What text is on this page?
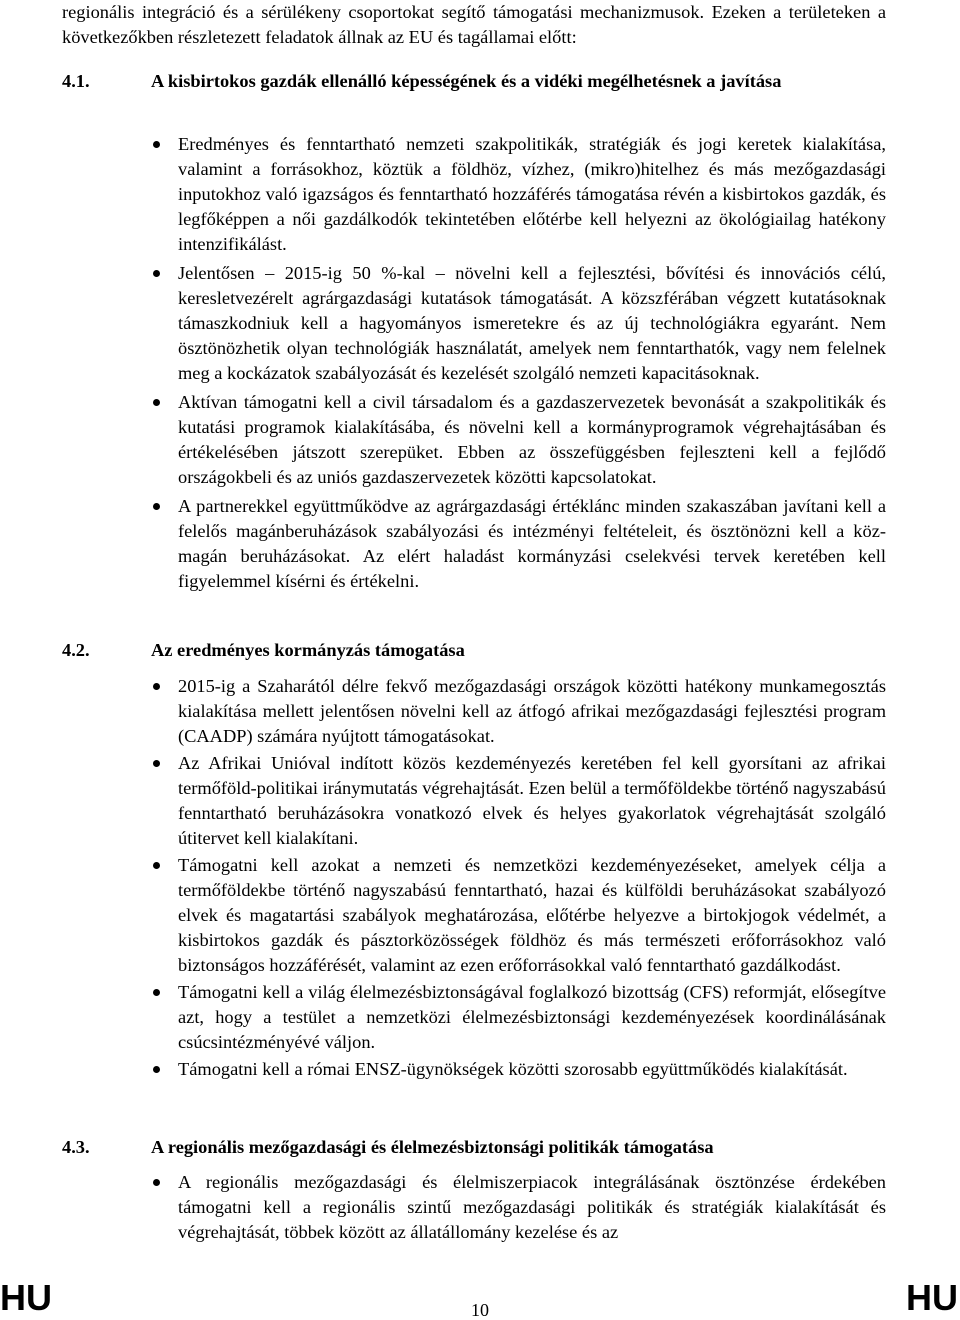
regionális integráció és a sérülékeny csoportokat segítő támogatási mechanizmusok. Ezeken a területeken a következőkben részletezett feladatok állnak az EU és tagállamai előtt:

4.1.	A kisbirtokos gazdák ellenálló képességének és a vidéki megélhetésnek a javítása
Eredményes és fenntartható nemzeti szakpolitikák, stratégiák és jogi keretek kialakítása, valamint a forrásokhoz, köztük a földhöz, vízhez, (mikro)hitelhez és más mezőgazdasági inputokhoz való igazságos és fenntartható hozzáférés támogatása révén a kisbirtokos gazdák, és legfőképpen a női gazdálkodók tekintetében előtérbe kell helyezni az ökológiailag hatékony intenzifikálást.
Jelentősen – 2015-ig 50 %-kal – növelni kell a fejlesztési, bővítési és innovációs célú, keresletvezérelt agrárgazdasági kutatások támogatását. A közszférában végzett kutatásoknak támaszkodniuk kell a hagyományos ismeretekre és az új technológiákra egyaránt. Nem ösztönözhetik olyan technológiák használatát, amelyek nem fenntarthatók, vagy nem felelnek meg a kockázatok szabályozását és kezelését szolgáló nemzeti kapacitásoknak.
Aktívan támogatni kell a civil társadalom és a gazdaszervezetek bevonását a szakpolitikák és kutatási programok kialakításába, és növelni kell a kormányprogramok végrehajtásában és értékelésében játszott szerepüket. Ebben az összefüggésben fejleszteni kell a fejlődő országokbeli és az uniós gazdaszervezetek közötti kapcsolatokat.
A partnerekkel együttműködve az agrárgazdasági értéklánc minden szakaszában javítani kell a felelős magánberuházások szabályozási és intézményi feltételeit, és ösztönözni kell a köz-magán beruházásokat. Az elért haladást kormányzási cselekvési tervek keretében kell figyelemmel kísérni és értékelni.
4.2.	Az eredményes kormányzás támogatása
2015-ig a Szaharától délre fekvő mezőgazdasági országok közötti hatékony munkamegosztás kialakítása mellett jelentősen növelni kell az átfogó afrikai mezőgazdasági fejlesztési program (CAADP) számára nyújtott támogatásokat.
Az Afrikai Unióval indított közös kezdeményezés keretében fel kell gyorsítani az afrikai termőföld-politikai iránymutatás végrehajtását. Ezen belül a termőföldekbe történő nagyszabású fenntartható beruházásokra vonatkozó elvek és helyes gyakorlatok végrehajtását szolgáló útitervet kell kialakítani.
Támogatni kell azokat a nemzeti és nemzetközi kezdeményezéseket, amelyek célja a termőföldekbe történő nagyszabású fenntartható, hazai és külföldi beruházásokat szabályozó elvek és magatartási szabályok meghatározása, előtérbe helyezve a birtokjogok védelmét, a kisbirtokos gazdák és pásztorközösségek földhöz és más természeti erőforrásokhoz való biztonságos hozzáférését, valamint az ezen erőforrásokkal való fenntartható gazdálkodást.
Támogatni kell a világ élelmezésbiztonságával foglalkozó bizottság (CFS) reformját, elősegítve azt, hogy a testület a nemzetközi élelmezésbiztonsági kezdeményezések koordinálásának csúcsintézményévé váljon.
Támogatni kell a római ENSZ-ügynökségek közötti szorosabb együttműködés kialakítását.
4.3.	A regionális mezőgazdasági és élelmezésbiztonsági politikák támogatása
A regionális mezőgazdasági és élelmiszerpiacok integrálásának ösztönzése érdekében támogatni kell a regionális szintű mezőgazdasági politikák és stratégiák kialakítását és végrehajtását, többek között az állatállomány kezelése és az

HU	10	HU
